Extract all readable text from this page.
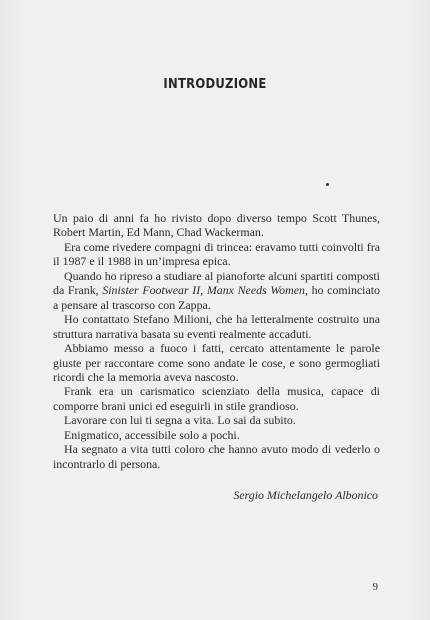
INTRODUZIONE

Un paio di anni fa ho rivisto dopo diverso tempo Scott Thunes, Robert Martin, Ed Mann, Chad Wackerman.

Era come rivedere compagni di trincea: eravamo tutti coinvolti fra il 1987 e il 1988 in un’impresa epica.

Quando ho ripreso a studiare al pianoforte alcuni spartiti composti da Frank, Sinister Footwear II, Manx Needs Women, ho cominciato a pensare al trascorso con Zappa.

Ho contattato Stefano Milioni, che ha letteralmente costruito una struttura narrativa basata su eventi realmente accaduti.

Abbiamo messo a fuoco i fatti, cercato attentamente le parole giuste per raccontare come sono andate le cose, e sono germogliati ricordi che la memoria aveva nascosto.

Frank era un carismatico scienziato della musica, capace di comporre brani unici ed eseguirli in stile grandioso.

Lavorare con lui ti segna a vita. Lo sai da subito.

Enigmatico, accessibile solo a pochi.

Ha segnato a vita tutti coloro che hanno avuto modo di vederlo o incontrarlo di persona.

Sergio Michelangelo Albonico
9
